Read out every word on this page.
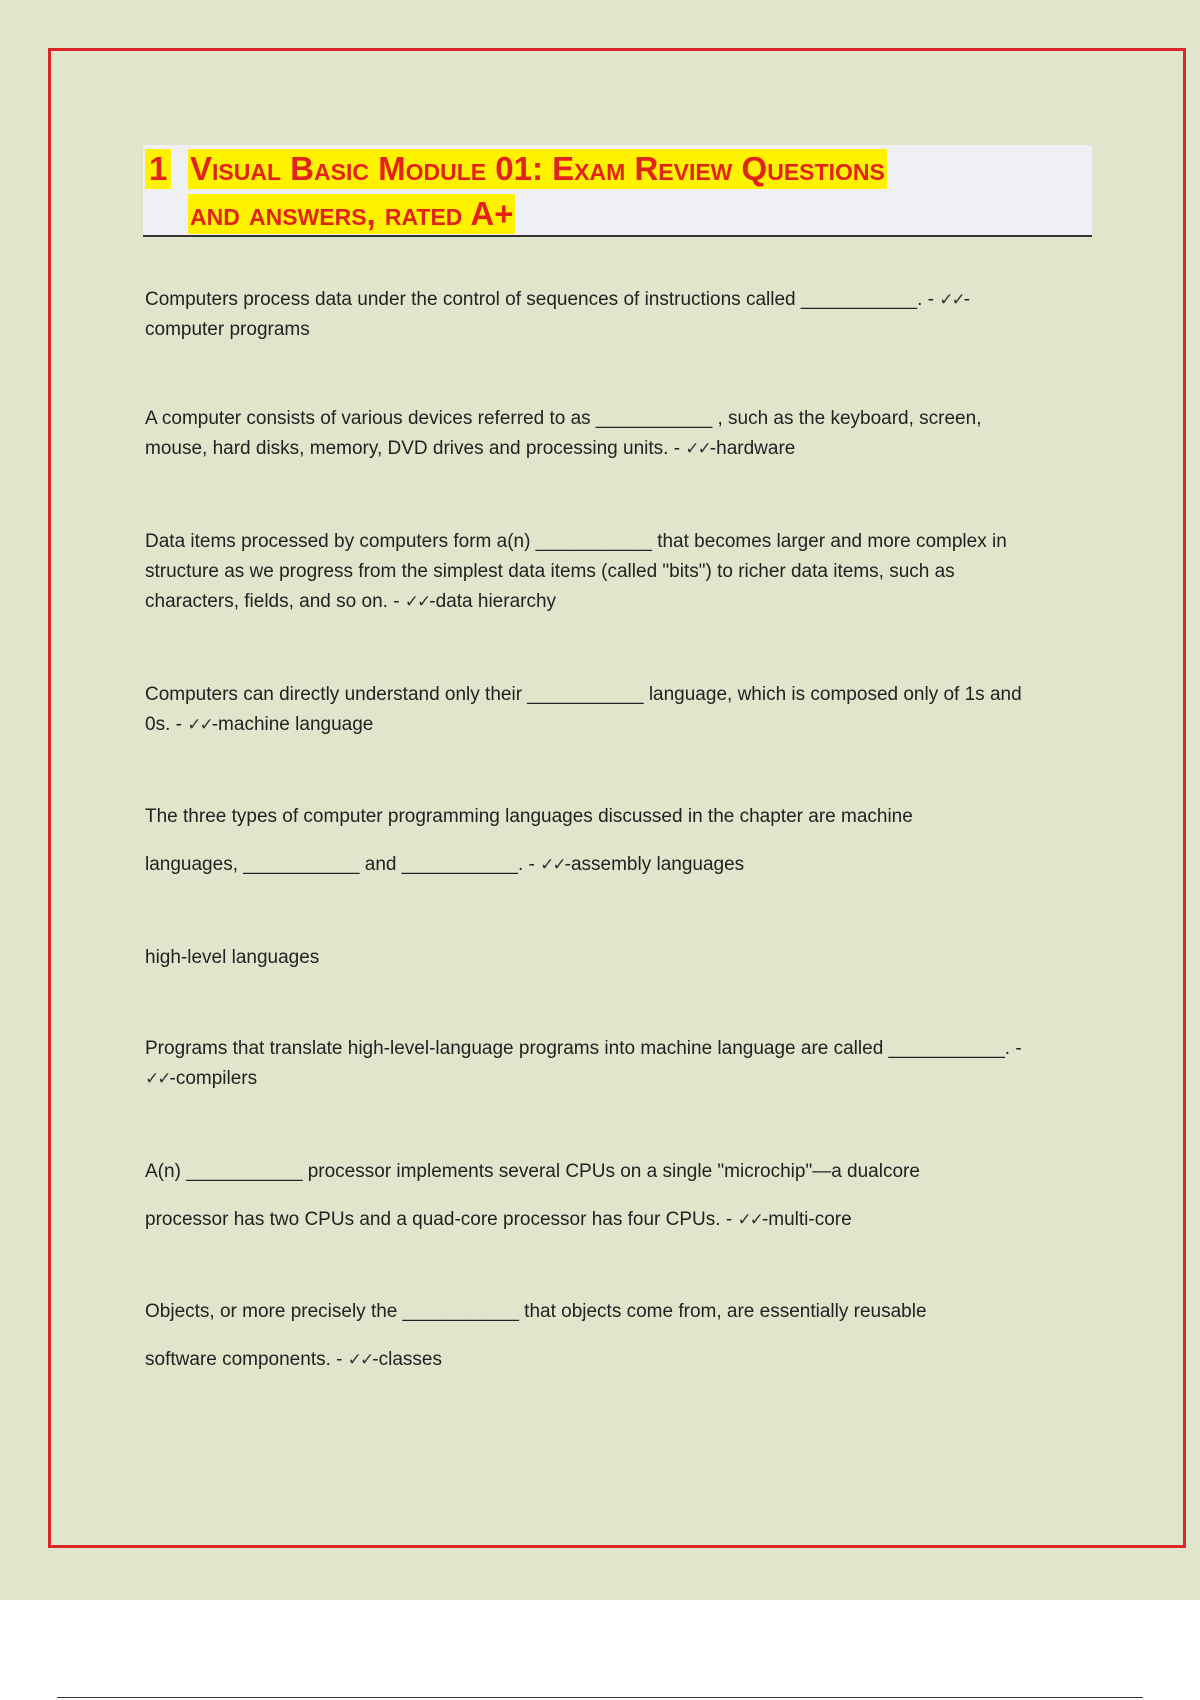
1 Visual Basic Module 01: Exam Review Questions
and answers, rated A+
Computers process data under the control of sequences of instructions called ___________. - ✓✓-
computer programs
A computer consists of various devices referred to as ___________ , such as the keyboard, screen,
mouse, hard disks, memory, DVD drives and processing units. - ✓✓-hardware
Data items processed by computers form a(n) ___________ that becomes larger and more complex in
structure as we progress from the simplest data items (called "bits") to richer data items, such as
characters, fields, and so on. - ✓✓-data hierarchy
Computers can directly understand only their ___________ language, which is composed only of 1s and
0s. - ✓✓-machine language
The three types of computer programming languages discussed in the chapter are machine
languages, ___________ and ___________. - ✓✓-assembly languages
high-level languages
Programs that translate high-level-language programs into machine language are called ___________. -
✓✓-compilers
A(n) ___________ processor implements several CPUs on a single "microchip"—a dualcore
processor has two CPUs and a quad-core processor has four CPUs. - ✓✓-multi-core
Objects, or more precisely the ___________ that objects come from, are essentially reusable
software components. - ✓✓-classes
